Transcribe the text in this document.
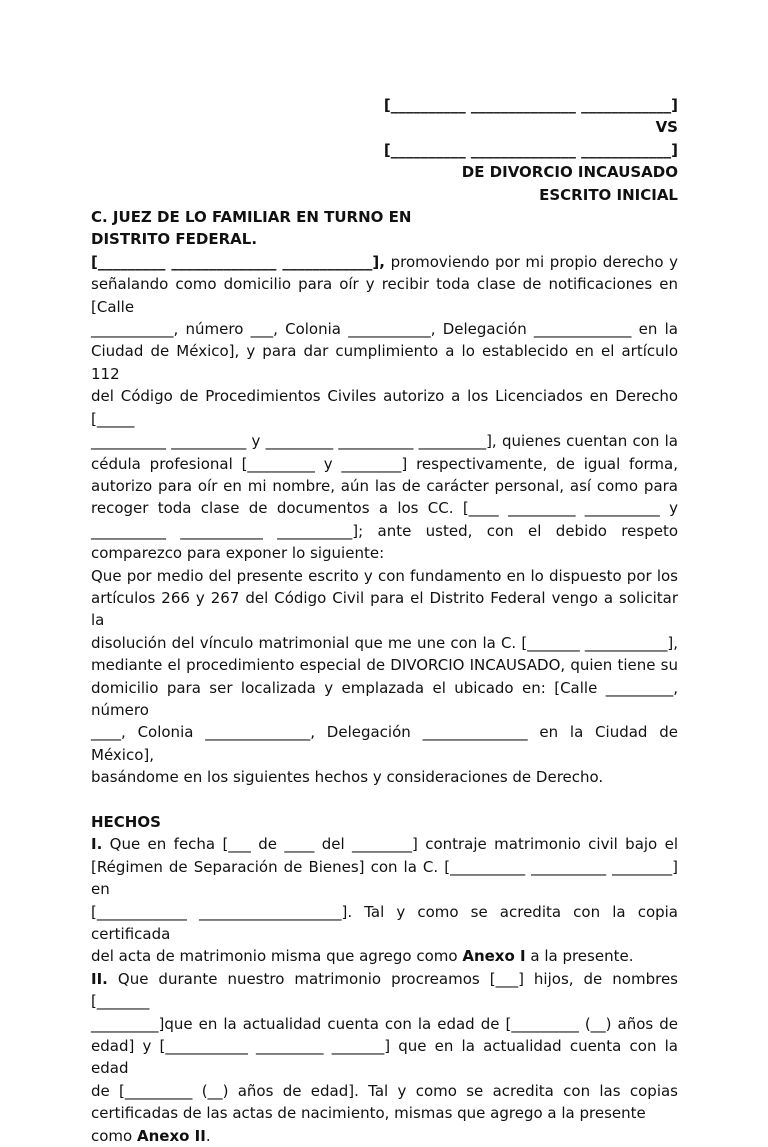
[__________ ______________ ____________]

VS

[__________ ______________ ____________]

DE DIVORCIO INCAUSADO

ESCRITO INICIAL

C. JUEZ DE LO FAMILIAR EN TURNO EN

DISTRITO FEDERAL.

[_________ ______________ ____________], promoviendo por mi propio derecho y

señalando como domicilio para oír y recibir toda clase de notificaciones en [Calle

___________, número ___, Colonia ___________, Delegación _____________ en la

Ciudad de México], y para dar cumplimiento a lo establecido en el artículo 112

del Código de Procedimientos Civiles autorizo a los Licenciados en Derecho [_____

__________ __________ y _________ __________ _________], quienes cuentan con la

cédula profesional [_________ y ________] respectivamente, de igual forma,

autorizo para oír en mi nombre, aún las de carácter personal, así como para

recoger toda clase de documentos a los CC. [____ _________ __________ y

__________ ___________ __________]; ante usted, con el debido respeto

comparezco para exponer lo siguiente:

Que por medio del presente escrito y con fundamento en lo dispuesto por los

artículos 266 y 267 del Código Civil para el Distrito Federal vengo a solicitar la

disolución del vínculo matrimonial que me une con la C. [_______ ___________],

mediante el procedimiento especial de DIVORCIO INCAUSADO, quien tiene su

domicilio para ser localizada y emplazada el ubicado en: [Calle _________, número

____, Colonia ______________, Delegación ______________ en la Ciudad de México],

basándome en los siguientes hechos y consideraciones de Derecho.

HECHOS

I. Que en fecha [___ de ____ del ________] contraje matrimonio civil bajo el

[Régimen de Separación de Bienes] con la C. [__________ __________ ________] en

[____________ ___________________]. Tal y como se acredita con la copia certificada

del acta de matrimonio misma que agrego como Anexo I a la presente.

II. Que durante nuestro matrimonio procreamos [___] hijos, de nombres [_______

_________]que en la actualidad cuenta con la edad de [_________ (__) años de

edad] y [___________ _________ _______] que en la actualidad cuenta con la edad

de [_________ (__) años de edad]. Tal y como se acredita con las copias

certificadas de las actas de nacimiento, mismas que agrego a la presente

como Anexo II.
